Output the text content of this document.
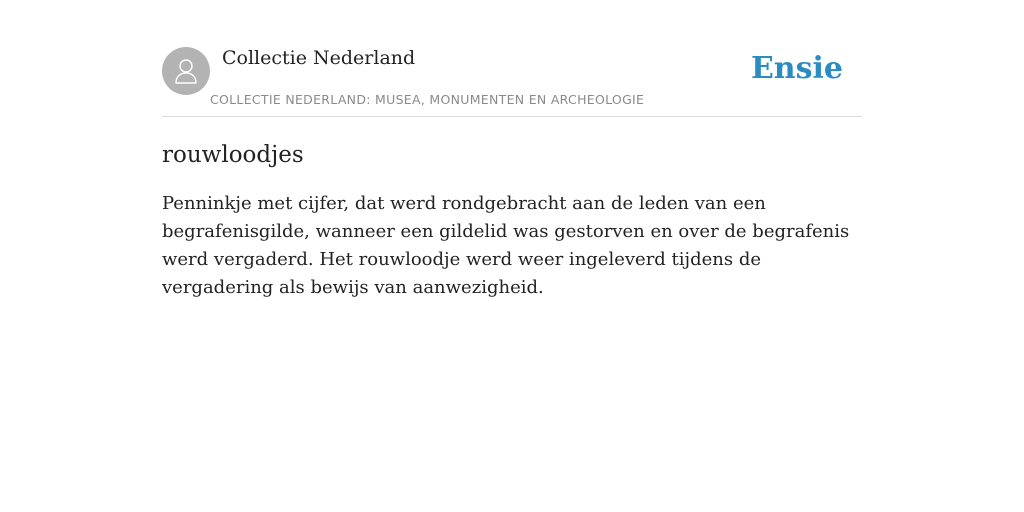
Collectie Nederland
COLLECTIE NEDERLAND: MUSEA, MONUMENTEN EN ARCHEOLOGIE
Ensie
rouwloodjes

Penninkje met cijfer, dat werd rondgebracht aan de leden van een begrafenisgilde, wanneer een gildelid was gestorven en over de begrafenis werd vergaderd. Het rouwloodje werd weer ingeleverd tijdens de vergadering als bewijs van aanwezigheid.
